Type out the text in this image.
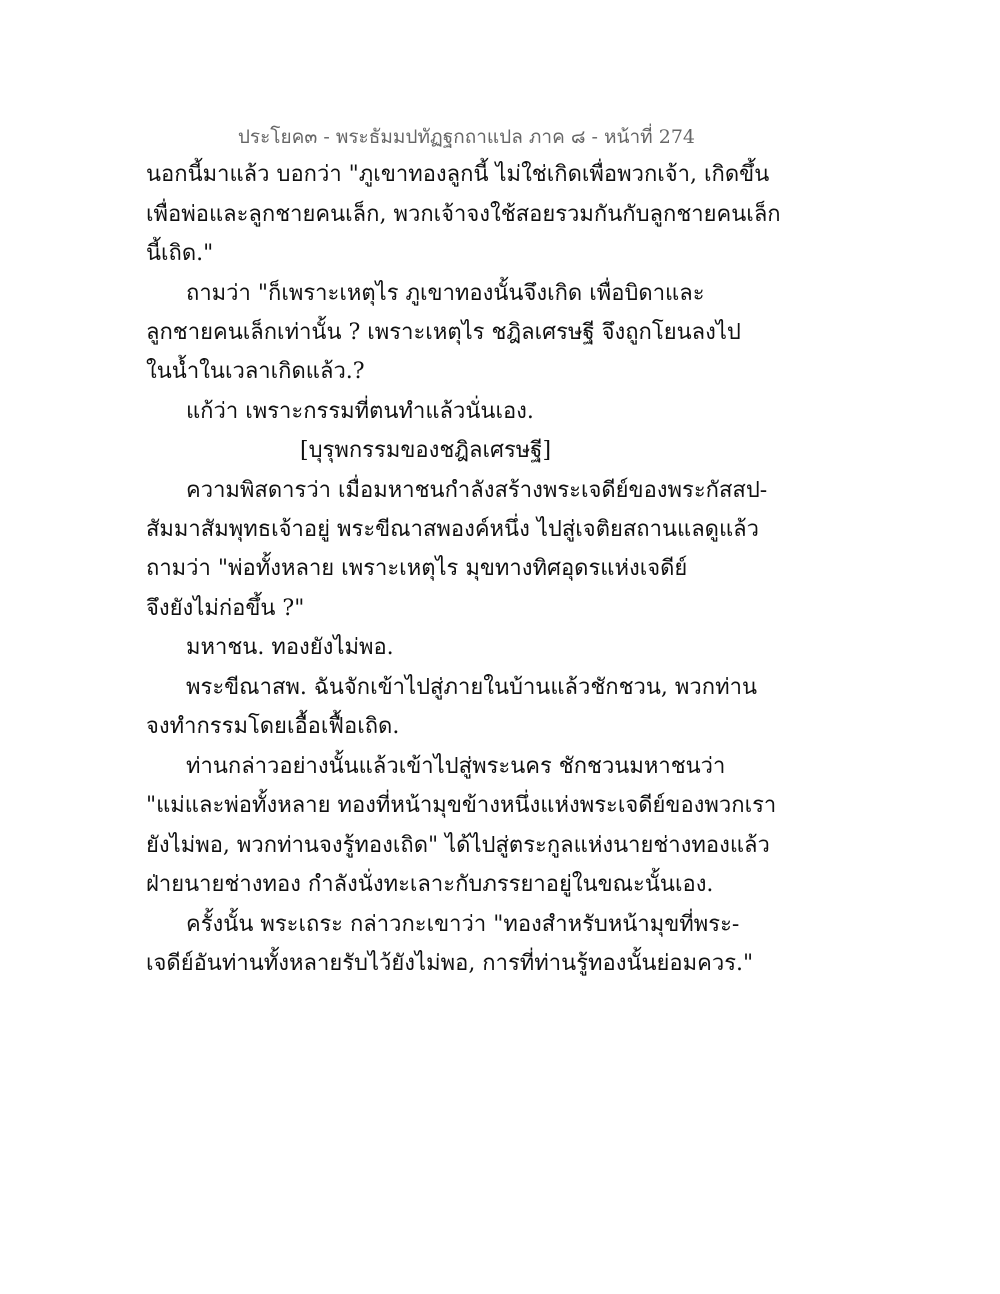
ประโยค๓ - พระธัมมปทัฏฐกถาแปล ภาค ๘ - หน้าที่ 274
นอกนี้มาแล้ว บอกว่า "ภูเขาทองลูกนี้ ไม่ใช่เกิดเพื่อพวกเจ้า, เกิดขึ้น
เพื่อพ่อและลูกชายคนเล็ก, พวกเจ้าจงใช้สอยรวมกันกับลูกชายคนเล็ก
นี้เถิด."
ถามว่า "ก็เพราะเหตุไร ภูเขาทองนั้นจึงเกิด เพื่อบิดาและ
ลูกชายคนเล็กเท่านั้น ? เพราะเหตุไร ชฎิลเศรษฐี จึงถูกโยนลงไป
ในน้ำในเวลาเกิดแล้ว.?
แก้ว่า เพราะกรรมที่ตนทำแล้วนั่นเอง.
[บุรุพกรรมของชฎิลเศรษฐี]
ความพิสดารว่า เมื่อมหาชนกำลังสร้างพระเจดีย์ของพระกัสสป-
สัมมาสัมพุทธเจ้าอยู่ พระขีณาสพองค์หนึ่ง ไปสู่เจติยสถานแลดูแล้ว
ถามว่า "พ่อทั้งหลาย เพราะเหตุไร มุขทางทิศอุดรแห่งเจดีย์
จึงยังไม่ก่อขึ้น ?"
มหาชน. ทองยังไม่พอ.
พระขีณาสพ. ฉันจักเข้าไปสู่ภายในบ้านแล้วชักชวน, พวกท่าน
จงทำกรรมโดยเอื้อเฟื้อเถิด.
ท่านกล่าวอย่างนั้นแล้วเข้าไปสู่พระนคร ชักชวนมหาชนว่า
"แม่และพ่อทั้งหลาย ทองที่หน้ามุขข้างหนึ่งแห่งพระเจดีย์ของพวกเรา
ยังไม่พอ, พวกท่านจงรู้ทองเถิด" ได้ไปสู่ตระกูลแห่งนายช่างทองแล้ว
ฝ่ายนายช่างทอง กำลังนั่งทะเลาะกับภรรยาอยู่ในขณะนั้นเอง.
ครั้งนั้น พระเถระ กล่าวกะเขาว่า "ทองสำหรับหน้ามุขที่พระ-
เจดีย์อันท่านทั้งหลายรับไว้ยังไม่พอ, การที่ท่านรู้ทองนั้นย่อมควร."
